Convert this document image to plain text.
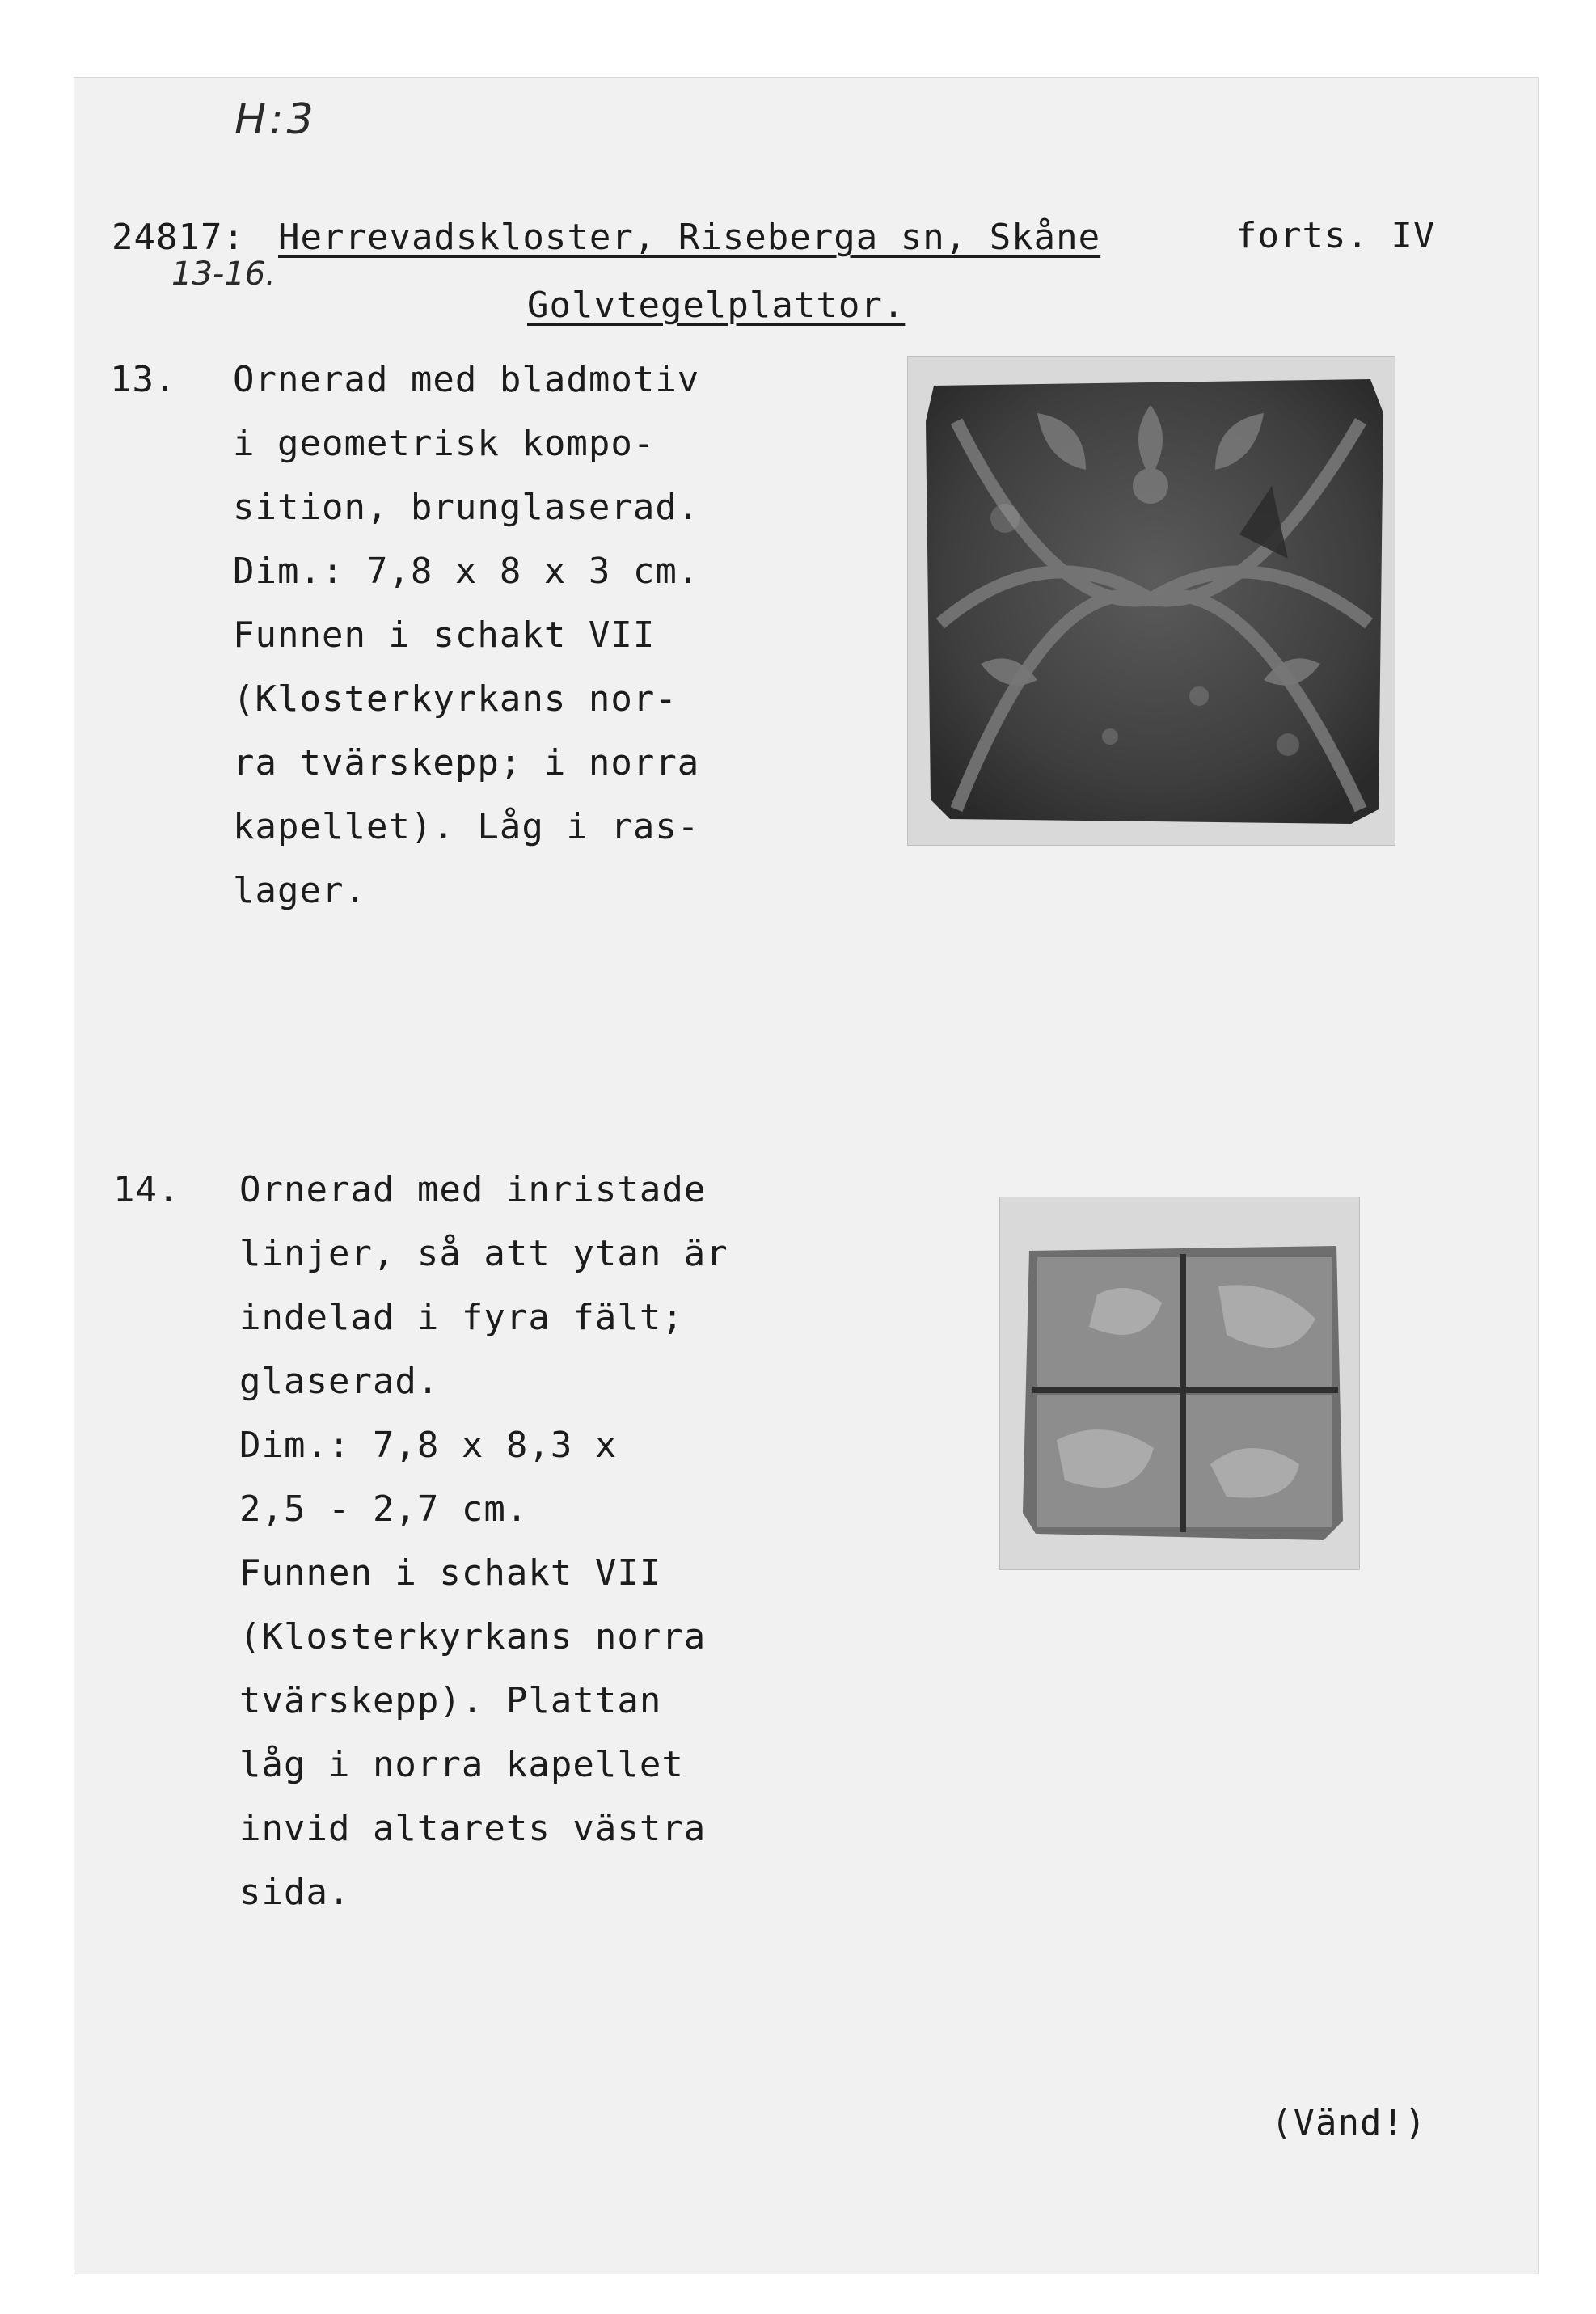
H:3
24817:
13-16.
Herrevadskloster, Riseberga sn, Skåne	forts. IV
Golvtegelplattor.
13. Ornerad med bladmotiv
i geometrisk kompo-
sition, brunglaserad.
Dim.: 7,8 x 8 x 3 cm.
Funnen i schakt VII
(Klosterkyrkans nor-
ra tvärskepp; i norra
kapellet). Låg i ras-
lager.
14. Ornerad med inristade
linjer, så att ytan är
indelad i fyra fält;
glaserad.
Dim.: 7,8 x 8,3 x
2,5 - 2,7 cm.
Funnen i schakt VII
(Klosterkyrkans norra
tvärskepp). Plattan
låg i norra kapellet
invid altarets västra
sida.
(Vänd!)
